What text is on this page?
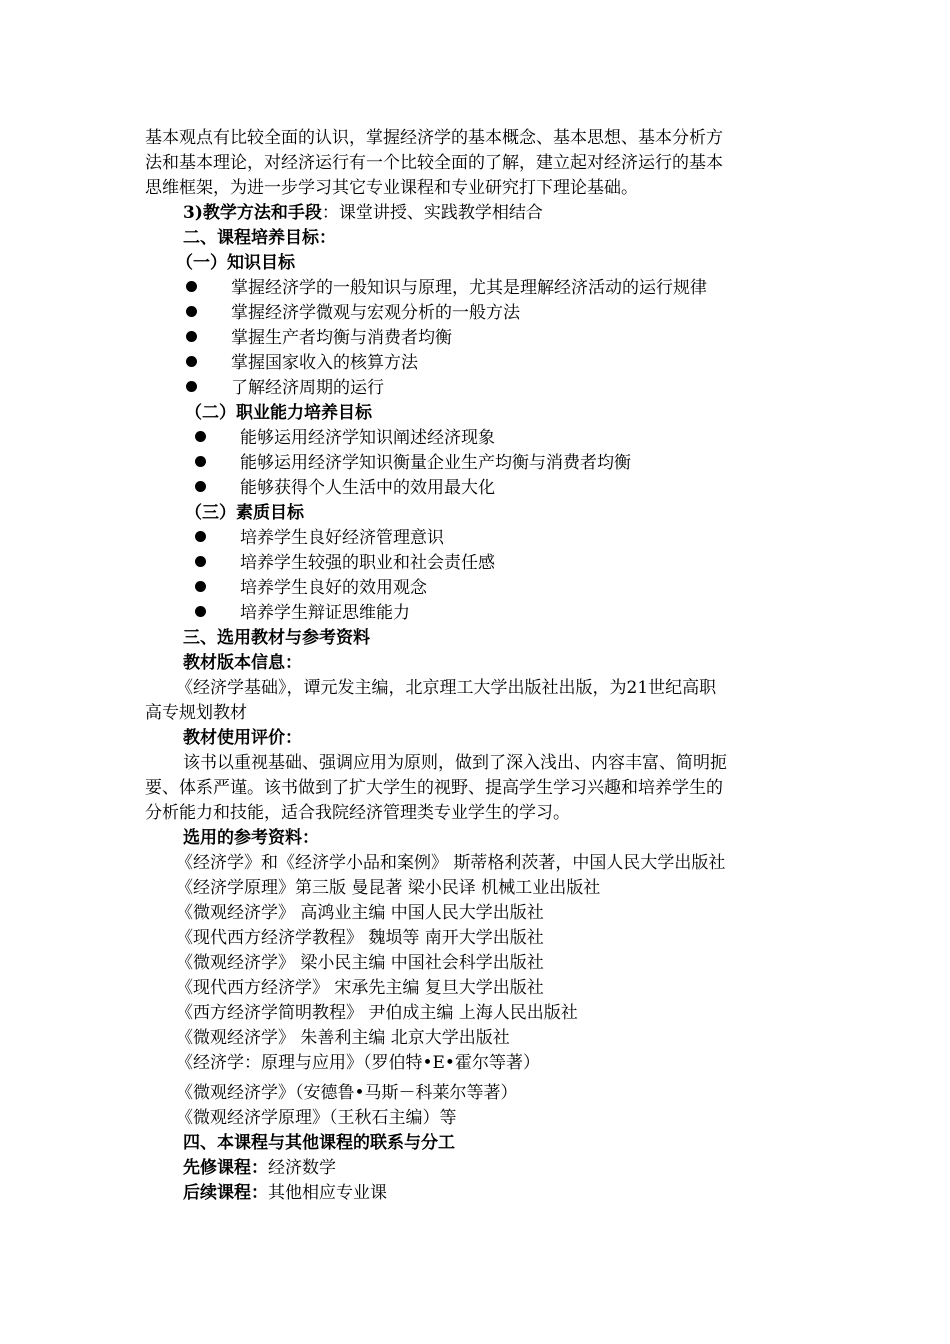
基本观点有比较全面的认识，掌握经济学的基本概念、基本思想、基本分析方
法和基本理论，对经济运行有一个比较全面的了解，建立起对经济运行的基本
思维框架，为进一步学习其它专业课程和专业研究打下理论基础。
3)教学方法和手段：课堂讲授、实践教学相结合
二、课程培养目标：
（一）知识目标
掌握经济学的一般知识与原理，尤其是理解经济活动的运行规律
掌握经济学微观与宏观分析的一般方法
掌握生产者均衡与消费者均衡
掌握国家收入的核算方法
了解经济周期的运行
（二）职业能力培养目标
能够运用经济学知识阐述经济现象
能够运用经济学知识衡量企业生产均衡与消费者均衡
能够获得个人生活中的效用最大化
（三）素质目标
培养学生良好经济管理意识
培养学生较强的职业和社会责任感
培养学生良好的效用观念
培养学生辩证思维能力
三、选用教材与参考资料
教材版本信息：
《经济学基础》，谭元发主编，北京理工大学出版社出版，为21世纪高职
高专规划教材
教材使用评价：
该书以重视基础、强调应用为原则，做到了深入浅出、内容丰富、简明扼
要、体系严谨。该书做到了扩大学生的视野、提高学生学习兴趣和培养学生的
分析能力和技能，适合我院经济管理类专业学生的学习。
选用的参考资料：
《经济学》和《经济学小品和案例》 斯蒂格利茨著，中国人民大学出版社
《经济学原理》第三版 曼昆著 梁小民译 机械工业出版社
《微观经济学》 高鸿业主编 中国人民大学出版社
《现代西方经济学教程》 魏埙等 南开大学出版社
《微观经济学》 梁小民主编 中国社会科学出版社
《现代西方经济学》 宋承先主编 复旦大学出版社
《西方经济学简明教程》 尹伯成主编 上海人民出版社
《微观经济学》 朱善利主编 北京大学出版社
《经济学：原理与应用》（罗伯特•E•霍尔等著）
《微观经济学》（安德鲁•马斯－科莱尔等著）
《微观经济学原理》（王秋石主编）等
四、本课程与其他课程的联系与分工
先修课程：经济数学
后续课程：其他相应专业课
